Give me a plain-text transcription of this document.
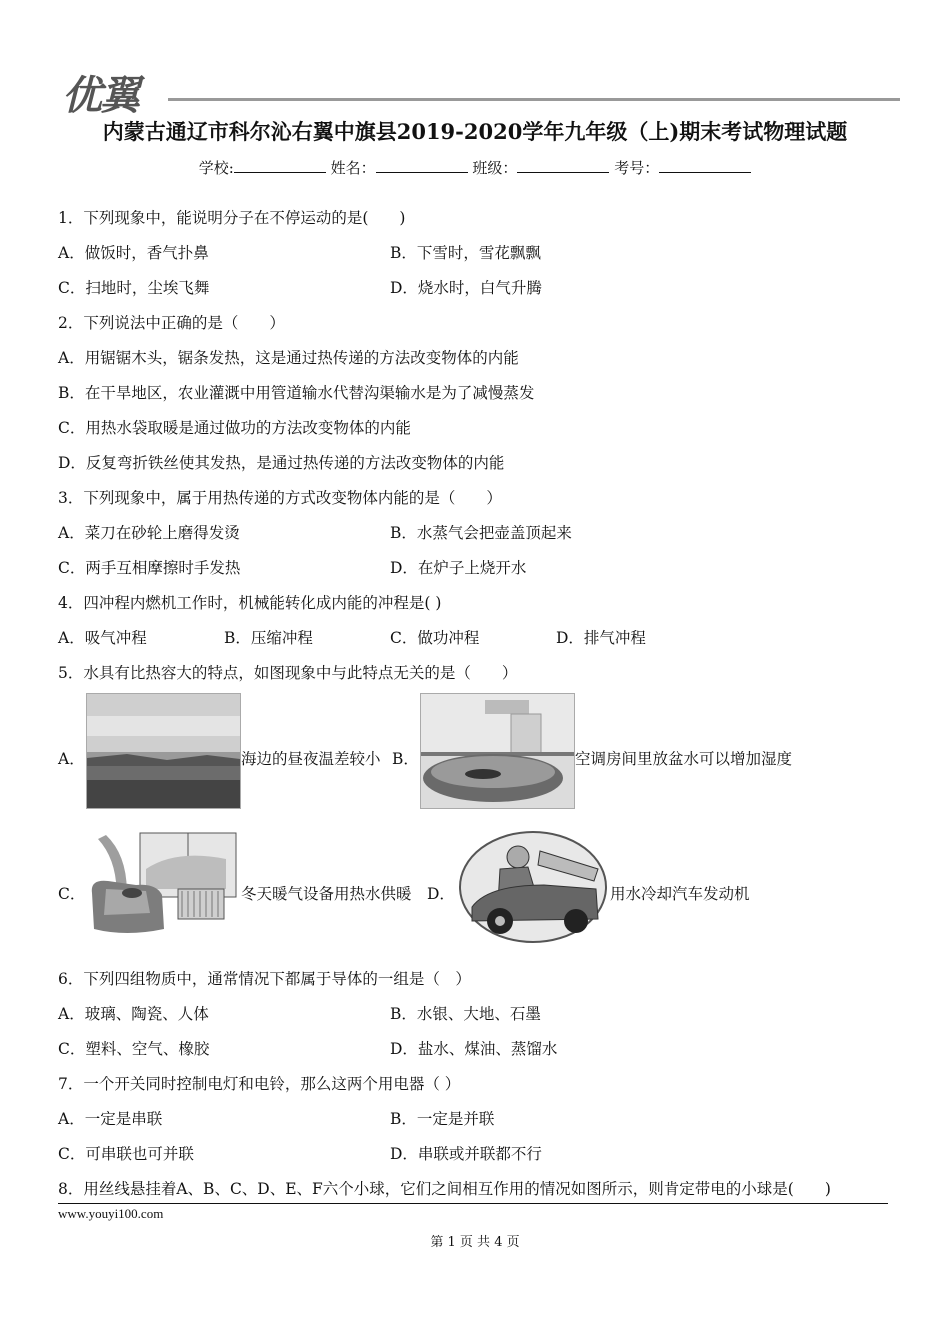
优翼
内蒙古通辽市科尔沁右翼中旗县2019-2020学年九年级（上)期末考试物理试题
学校:	姓名：	班级：	考号：
1．下列现象中，能说明分子在不停运动的是(　　)
A．做饭时，香气扑鼻	B．下雪时，雪花飘飘
C．扫地时，尘埃飞舞	D．烧水时，白气升腾
2．下列说法中正确的是（　　）
A．用锯锯木头，锯条发热，这是通过热传递的方法改变物体的内能
B．在干旱地区，农业灌溉中用管道输水代替沟渠输水是为了减慢蒸发
C．用热水袋取暖是通过做功的方法改变物体的内能
D．反复弯折铁丝使其发热，是通过热传递的方法改变物体的内能
3．下列现象中，属于用热传递的方式改变物体内能的是（　　）
A．菜刀在砂轮上磨得发烫	B．水蒸气会把壶盖顶起来
C．两手互相摩擦时手发热	D．在炉子上烧开水
4．四冲程内燃机工作时，机械能转化成内能的冲程是( )
A．吸气冲程	B．压缩冲程	C．做功冲程	D．排气冲程
5．水具有比热容大的特点，如图现象中与此特点无关的是（　　）
A．	海边的昼夜温差较小 B．	空调房间里放盆水可以增加湿度
C．	冬天暖气设备用热水供暖 D．	用水冷却汽车发动机
6．下列四组物质中，通常情况下都属于导体的一组是（　）
A．玻璃、陶瓷、人体	B．水银、大地、石墨
C．塑料、空气、橡胶	D．盐水、煤油、蒸馏水
7．一个开关同时控制电灯和电铃，那么这两个用电器（ ）
A．一定是串联	B．一定是并联
C．可串联也可并联	D．串联或并联都不行
8．用丝线悬挂着A、B、C、D、E、F六个小球，它们之间相互作用的情况如图所示，则肯定带电的小球是(　　)
www.youyi100.com
第 1 页 共 4 页
